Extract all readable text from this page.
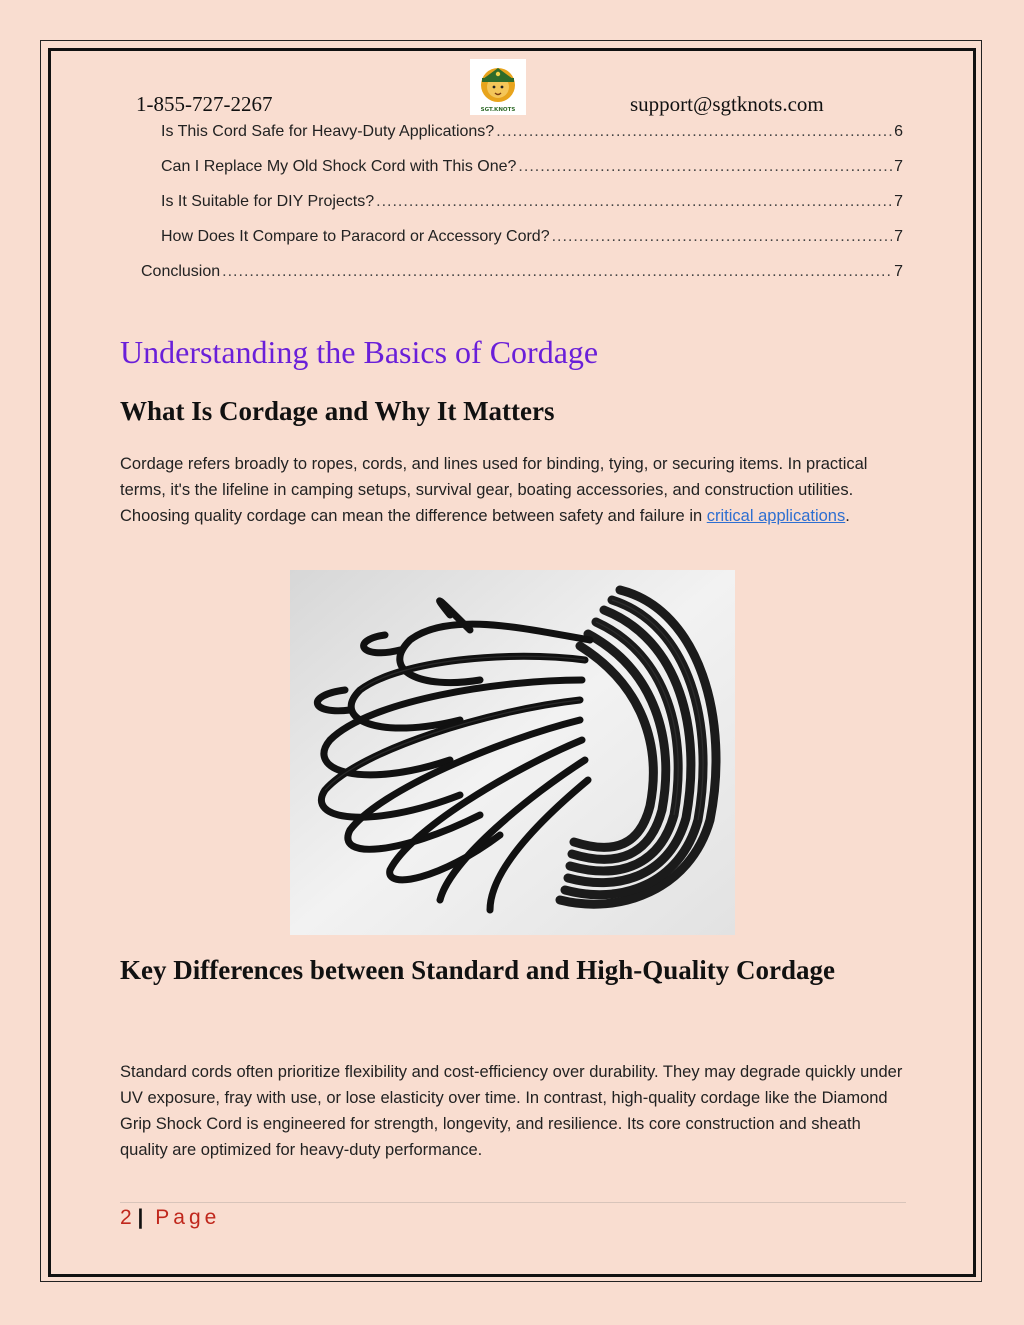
1-855-727-2267	SGT.KNOTS	support@sgtknots.com
Is This Cord Safe for Heavy-Duty Applications? .....	6
Can I Replace My Old Shock Cord with This One? .....	7
Is It Suitable for DIY Projects? .....	7
How Does It Compare to Paracord or Accessory Cord? .....	7
Conclusion .....	7
Understanding the Basics of Cordage
What Is Cordage and Why It Matters

Cordage refers broadly to ropes, cords, and lines used for binding, tying, or securing items. In practical terms, it's the lifeline in camping setups, survival gear, boating accessories, and construction utilities. Choosing quality cordage can mean the difference between safety and failure in critical applications.

Key Differences between Standard and High-Quality Cordage

Standard cords often prioritize flexibility and cost-efficiency over durability. They may degrade quickly under UV exposure, fray with use, or lose elasticity over time. In contrast, high-quality cordage like the Diamond Grip Shock Cord is engineered for strength, longevity, and resilience. Its core construction and sheath quality are optimized for heavy-duty performance.

2 | Page
